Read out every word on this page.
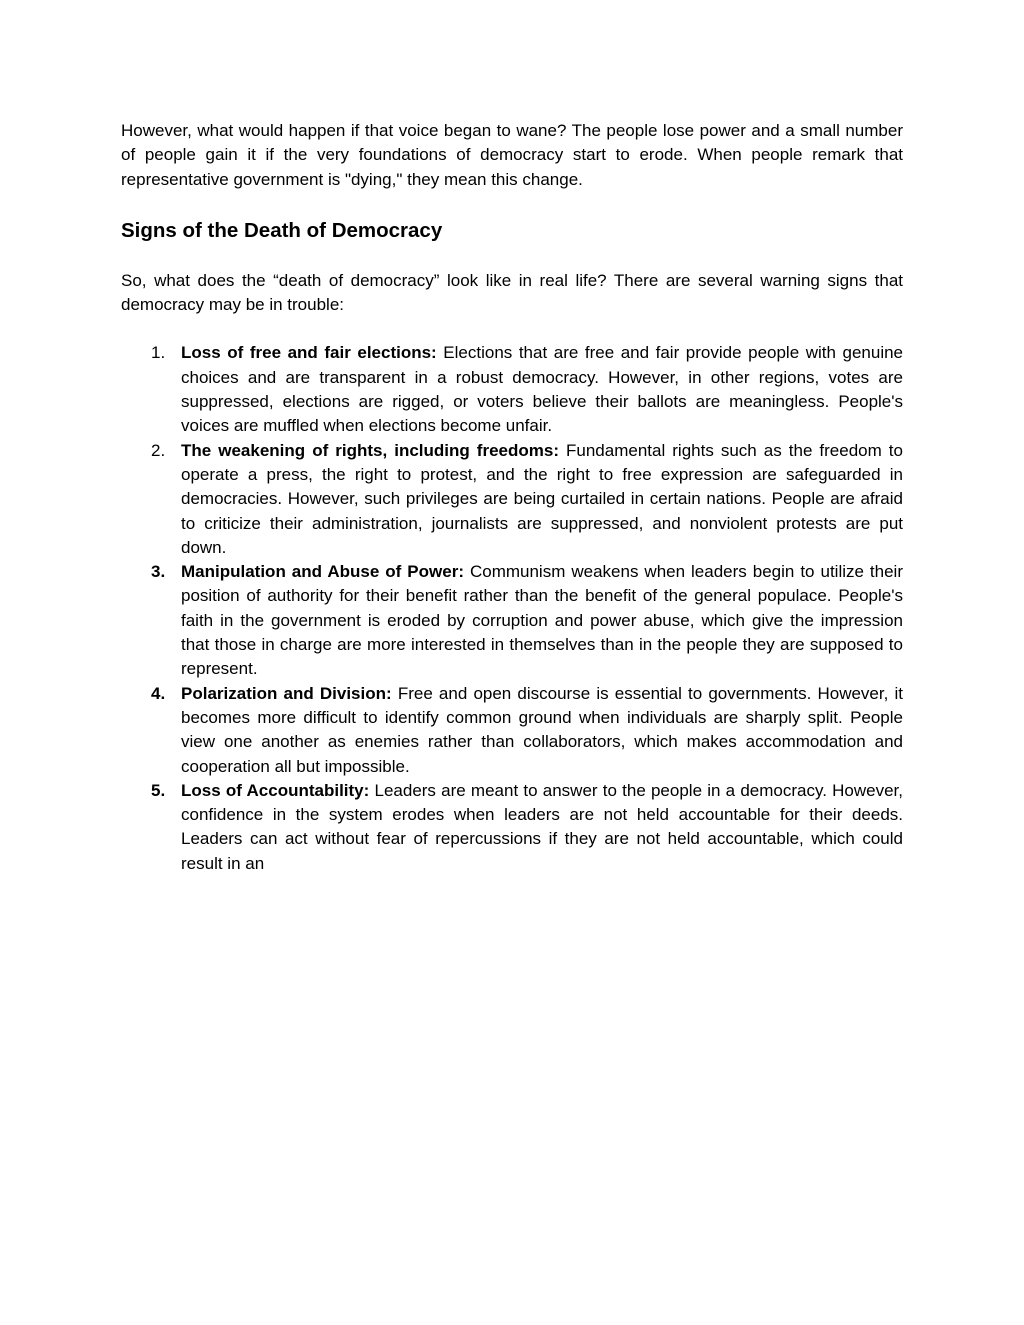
However, what would happen if that voice began to wane? The people lose power and a small number of people gain it if the very foundations of democracy start to erode. When people remark that representative government is "dying," they mean this change.

Signs of the Death of Democracy

So, what does the “death of democracy” look like in real life? There are several warning signs that democracy may be in trouble:

1. Loss of free and fair elections: Elections that are free and fair provide people with genuine choices and are transparent in a robust democracy. However, in other regions, votes are suppressed, elections are rigged, or voters believe their ballots are meaningless. People's voices are muffled when elections become unfair.
2. The weakening of rights, including freedoms: Fundamental rights such as the freedom to operate a press, the right to protest, and the right to free expression are safeguarded in democracies. However, such privileges are being curtailed in certain nations. People are afraid to criticize their administration, journalists are suppressed, and nonviolent protests are put down.
3. Manipulation and Abuse of Power: Communism weakens when leaders begin to utilize their position of authority for their benefit rather than the benefit of the general populace. People's faith in the government is eroded by corruption and power abuse, which give the impression that those in charge are more interested in themselves than in the people they are supposed to represent.
4. Polarization and Division: Free and open discourse is essential to governments. However, it becomes more difficult to identify common ground when individuals are sharply split. People view one another as enemies rather than collaborators, which makes accommodation and cooperation all but impossible.
5. Loss of Accountability: Leaders are meant to answer to the people in a democracy. However, confidence in the system erodes when leaders are not held accountable for their deeds. Leaders can act without fear of repercussions if they are not held accountable, which could result in an
